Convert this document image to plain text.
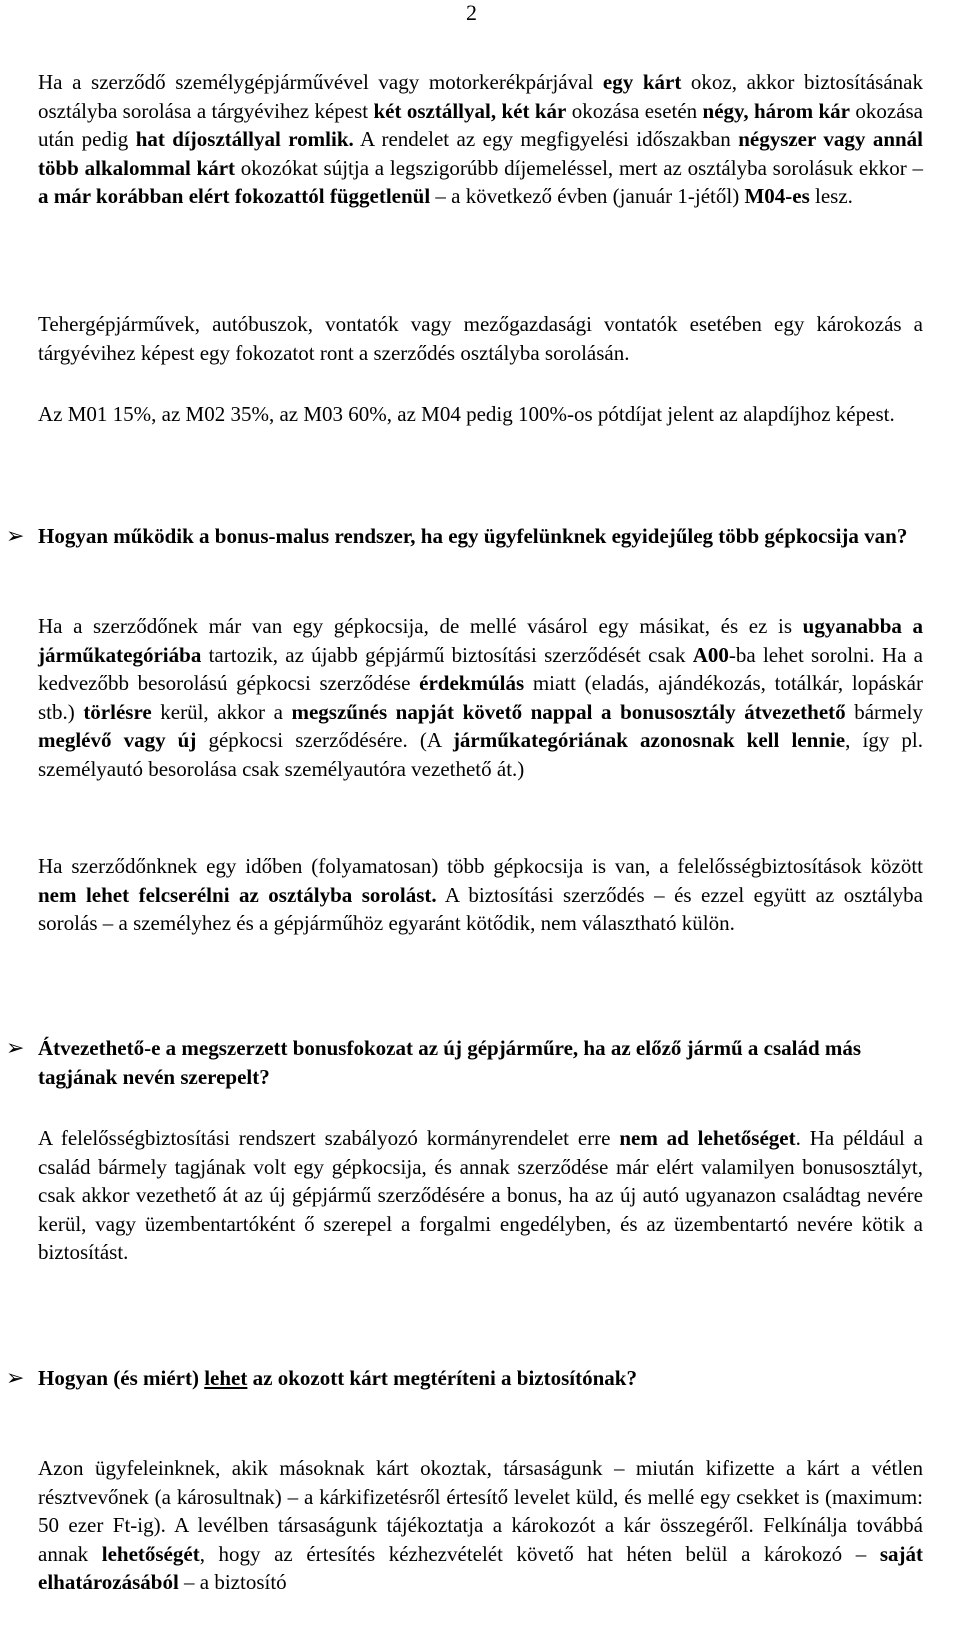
2
Ha a szerződő személygépjárművével vagy motorkerékpárjával egy kárt okoz, akkor biztosításának osztályba sorolása a tárgyévihez képest két osztállyal, két kár okozása esetén négy, három kár okozása után pedig hat díjosztállyal romlik. A rendelet az egy megfigyelési időszakban négyszer vagy annál több alkalommal kárt okozókat sújtja a legszigorúbb díjemeléssel, mert az osztályba sorolásuk ekkor – a már korábban elért fokozattól függetlenül – a következő évben (január 1-jétől) M04-es lesz.
Tehergépjárművek, autóbuszok, vontatók vagy mezőgazdasági vontatók esetében egy károkozás a tárgyévihez képest egy fokozatot ront a szerződés osztályba sorolásán.
Az M01 15%, az M02 35%, az M03 60%, az M04 pedig 100%-os pótdíjat jelent az alapdíjhoz képest.
➢ Hogyan működik a bonus-malus rendszer, ha egy ügyfelünknek egyidejűleg több gépkocsija van?
Ha a szerződőnek már van egy gépkocsija, de mellé vásárol egy másikat, és ez is ugyanabba a járműkategóriába tartozik, az újabb gépjármű biztosítási szerződését csak A00-ba lehet sorolni. Ha a kedvezőbb besorolású gépkocsi szerződése érdekmúlás miatt (eladás, ajándékozás, totálkár, lopáskár stb.) törlésre kerül, akkor a megszűnés napját követő nappal a bonusosztály átvezethető bármely meglévő vagy új gépkocsi szerződésére. (A járműkategóriának azonosnak kell lennie, így pl. személyautó besorolása csak személyautóra vezethető át.)
Ha szerződőnknek egy időben (folyamatosan) több gépkocsija is van, a felelősségbiztosítások között nem lehet felcserélni az osztályba sorolást. A biztosítási szerződés – és ezzel együtt az osztályba sorolás – a személyhez és a gépjárműhöz egyaránt kötődik, nem választható külön.
➢ Átvezethető-e a megszerzett bonusfokozat az új gépjárműre, ha az előző jármű a család más tagjának nevén szerepelt?
A felelősségbiztosítási rendszert szabályozó kormányrendelet erre nem ad lehetőséget. Ha például a család bármely tagjának volt egy gépkocsija, és annak szerződése már elért valamilyen bonusosztályt, csak akkor vezethető át az új gépjármű szerződésére a bonus, ha az új autó ugyanazon családtag nevére kerül, vagy üzembentartóként ő szerepel a forgalmi engedélyben, és az üzembentartó nevére kötik a biztosítást.
➢ Hogyan (és miért) lehet az okozott kárt megtéríteni a biztosítónak?
Azon ügyfeleinknek, akik másoknak kárt okoztak, társaságunk – miután kifizette a kárt a vétlen résztvevőnek (a károsultnak) – a kárkifizetésről értesítő levelet küld, és mellé egy csekket is (maximum: 50 ezer Ft-ig). A levélben társaságunk tájékoztatja a károkozót a kár összegéről. Felkínálja továbbá annak lehetőségét, hogy az értesítés kézhezvételét követő hat héten belül a károkozó – saját elhatározásából – a biztosító
